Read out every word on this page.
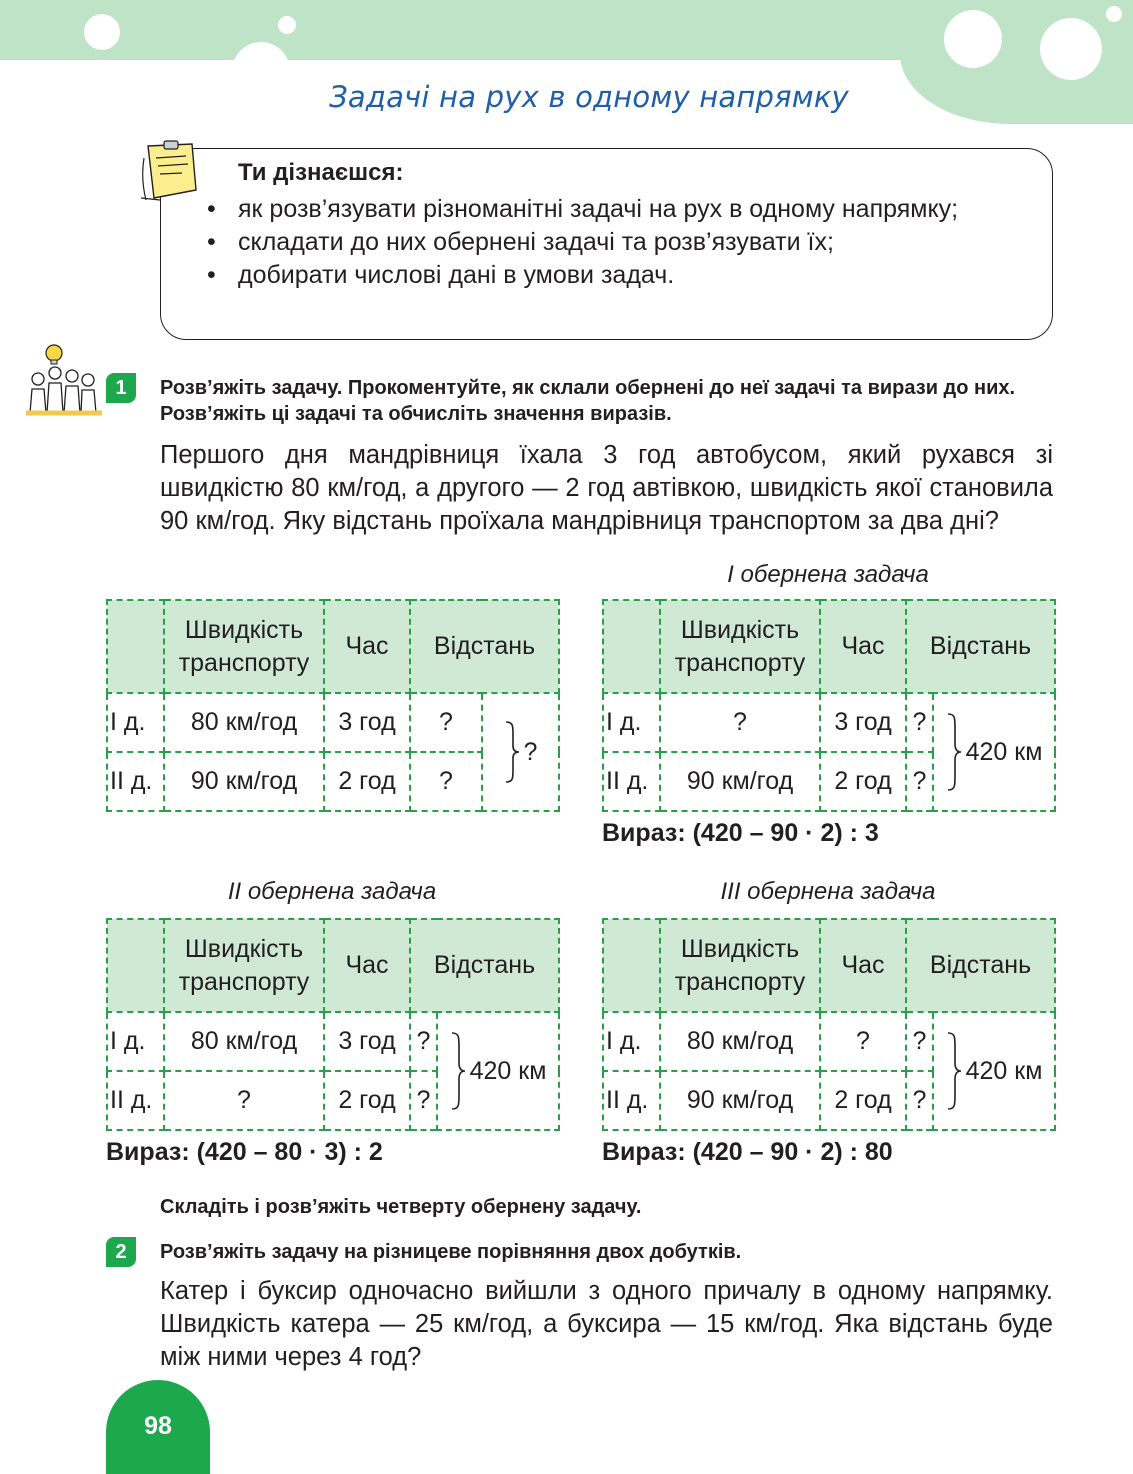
Задачі на рух в одному напрямку
Ти дізнаєшся:
• як розв’язувати різноманітні задачі на рух в одному напрямку;
• складати до них обернені задачі та розв’язувати їх;
• добирати числові дані в умови задач.
1	Розв’яжіть задачу. Прокоментуйте, як склали обернені до неї задачі та вирази до них. Розв’яжіть ці задачі та обчисліть значення виразів.
Першого дня мандрівниця їхала 3 год автобусом, який рухався зі швидкістю 80 км/год, а другого — 2 год автівкою, швидкість якої становила 90 км/год. Яку відстань проїхала мандрівниця транспортом за два дні?
	Швидкість транспорту	Час	Відстань	
І д.	80 км/год	3 год	?	?

ІІ д.	90 км/год	2 год	?	
І обернена задача
	Швидкість транспорту	Час	Відстань	
І д.	?	3 год	?	420 км

ІІ д.	90 км/год	2 год	?	
Вираз: (420 – 90 · 2) : 3
ІІ обернена задача
	Швидкість транспорту	Час	Відстань	
І д.	80 км/год	3 год	?	420 км

ІІ д.	?	2 год	?	
Вираз: (420 – 80 · 3) : 2
ІІІ обернена задача
	Швидкість транспорту	Час	Відстань	
І д.	80 км/год	?	?	420 км

ІІ д.	90 км/год	2 год	?	
Вираз: (420 – 90 · 2) : 80
Складіть і розв’яжіть четверту обернену задачу.
2	Розв’яжіть задачу на різницеве порівняння двох добутків.
Катер і буксир одночасно вийшли з одного причалу в одному напрямку. Швидкість катера — 25 км/год, а буксира — 15 км/год. Яка відстань буде між ними через 4 год?
98
